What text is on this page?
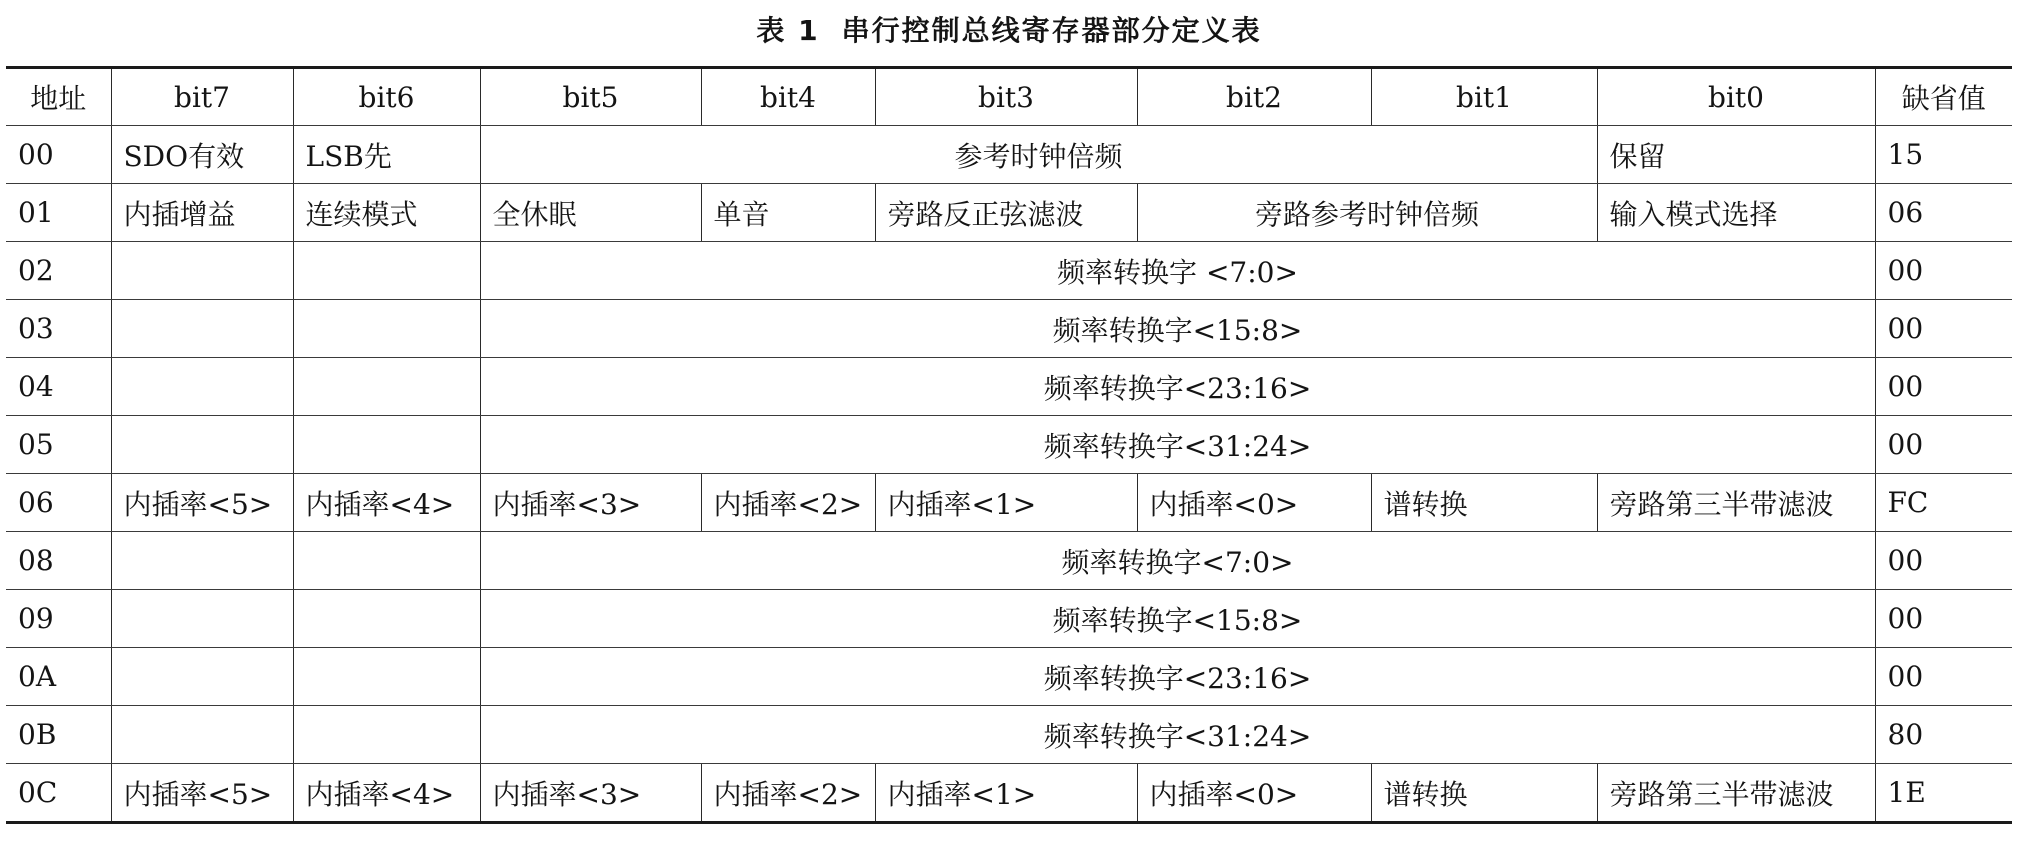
表 1 串行控制总线寄存器部分定义表
地址	bit7	bit6	bit5	bit4	bit3	bit2	bit1	bit0	缺省值
00	SDO有效	LSB先	参考时钟倍频					保留	15
01	内插增益	连续模式	全休眠	单音	旁路反正弦滤波	旁路参考时钟倍频		输入模式选择	06
02			频率转换字 <7:0>						00
03			频率转换字<15:8>						00
04			频率转换字<23:16>						00
05			频率转换字<31:24>						00
06	内插率<5>	内插率<4>	内插率<3>	内插率<2>	内插率<1>	内插率<0>	谱转换	旁路第三半带滤波	FC
08			频率转换字<7:0>						00
09			频率转换字<15:8>						00
0A			频率转换字<23:16>						00
0B			频率转换字<31:24>						80
0C	内插率<5>	内插率<4>	内插率<3>	内插率<2>	内插率<1>	内插率<0>	谱转换	旁路第三半带滤波	1E
